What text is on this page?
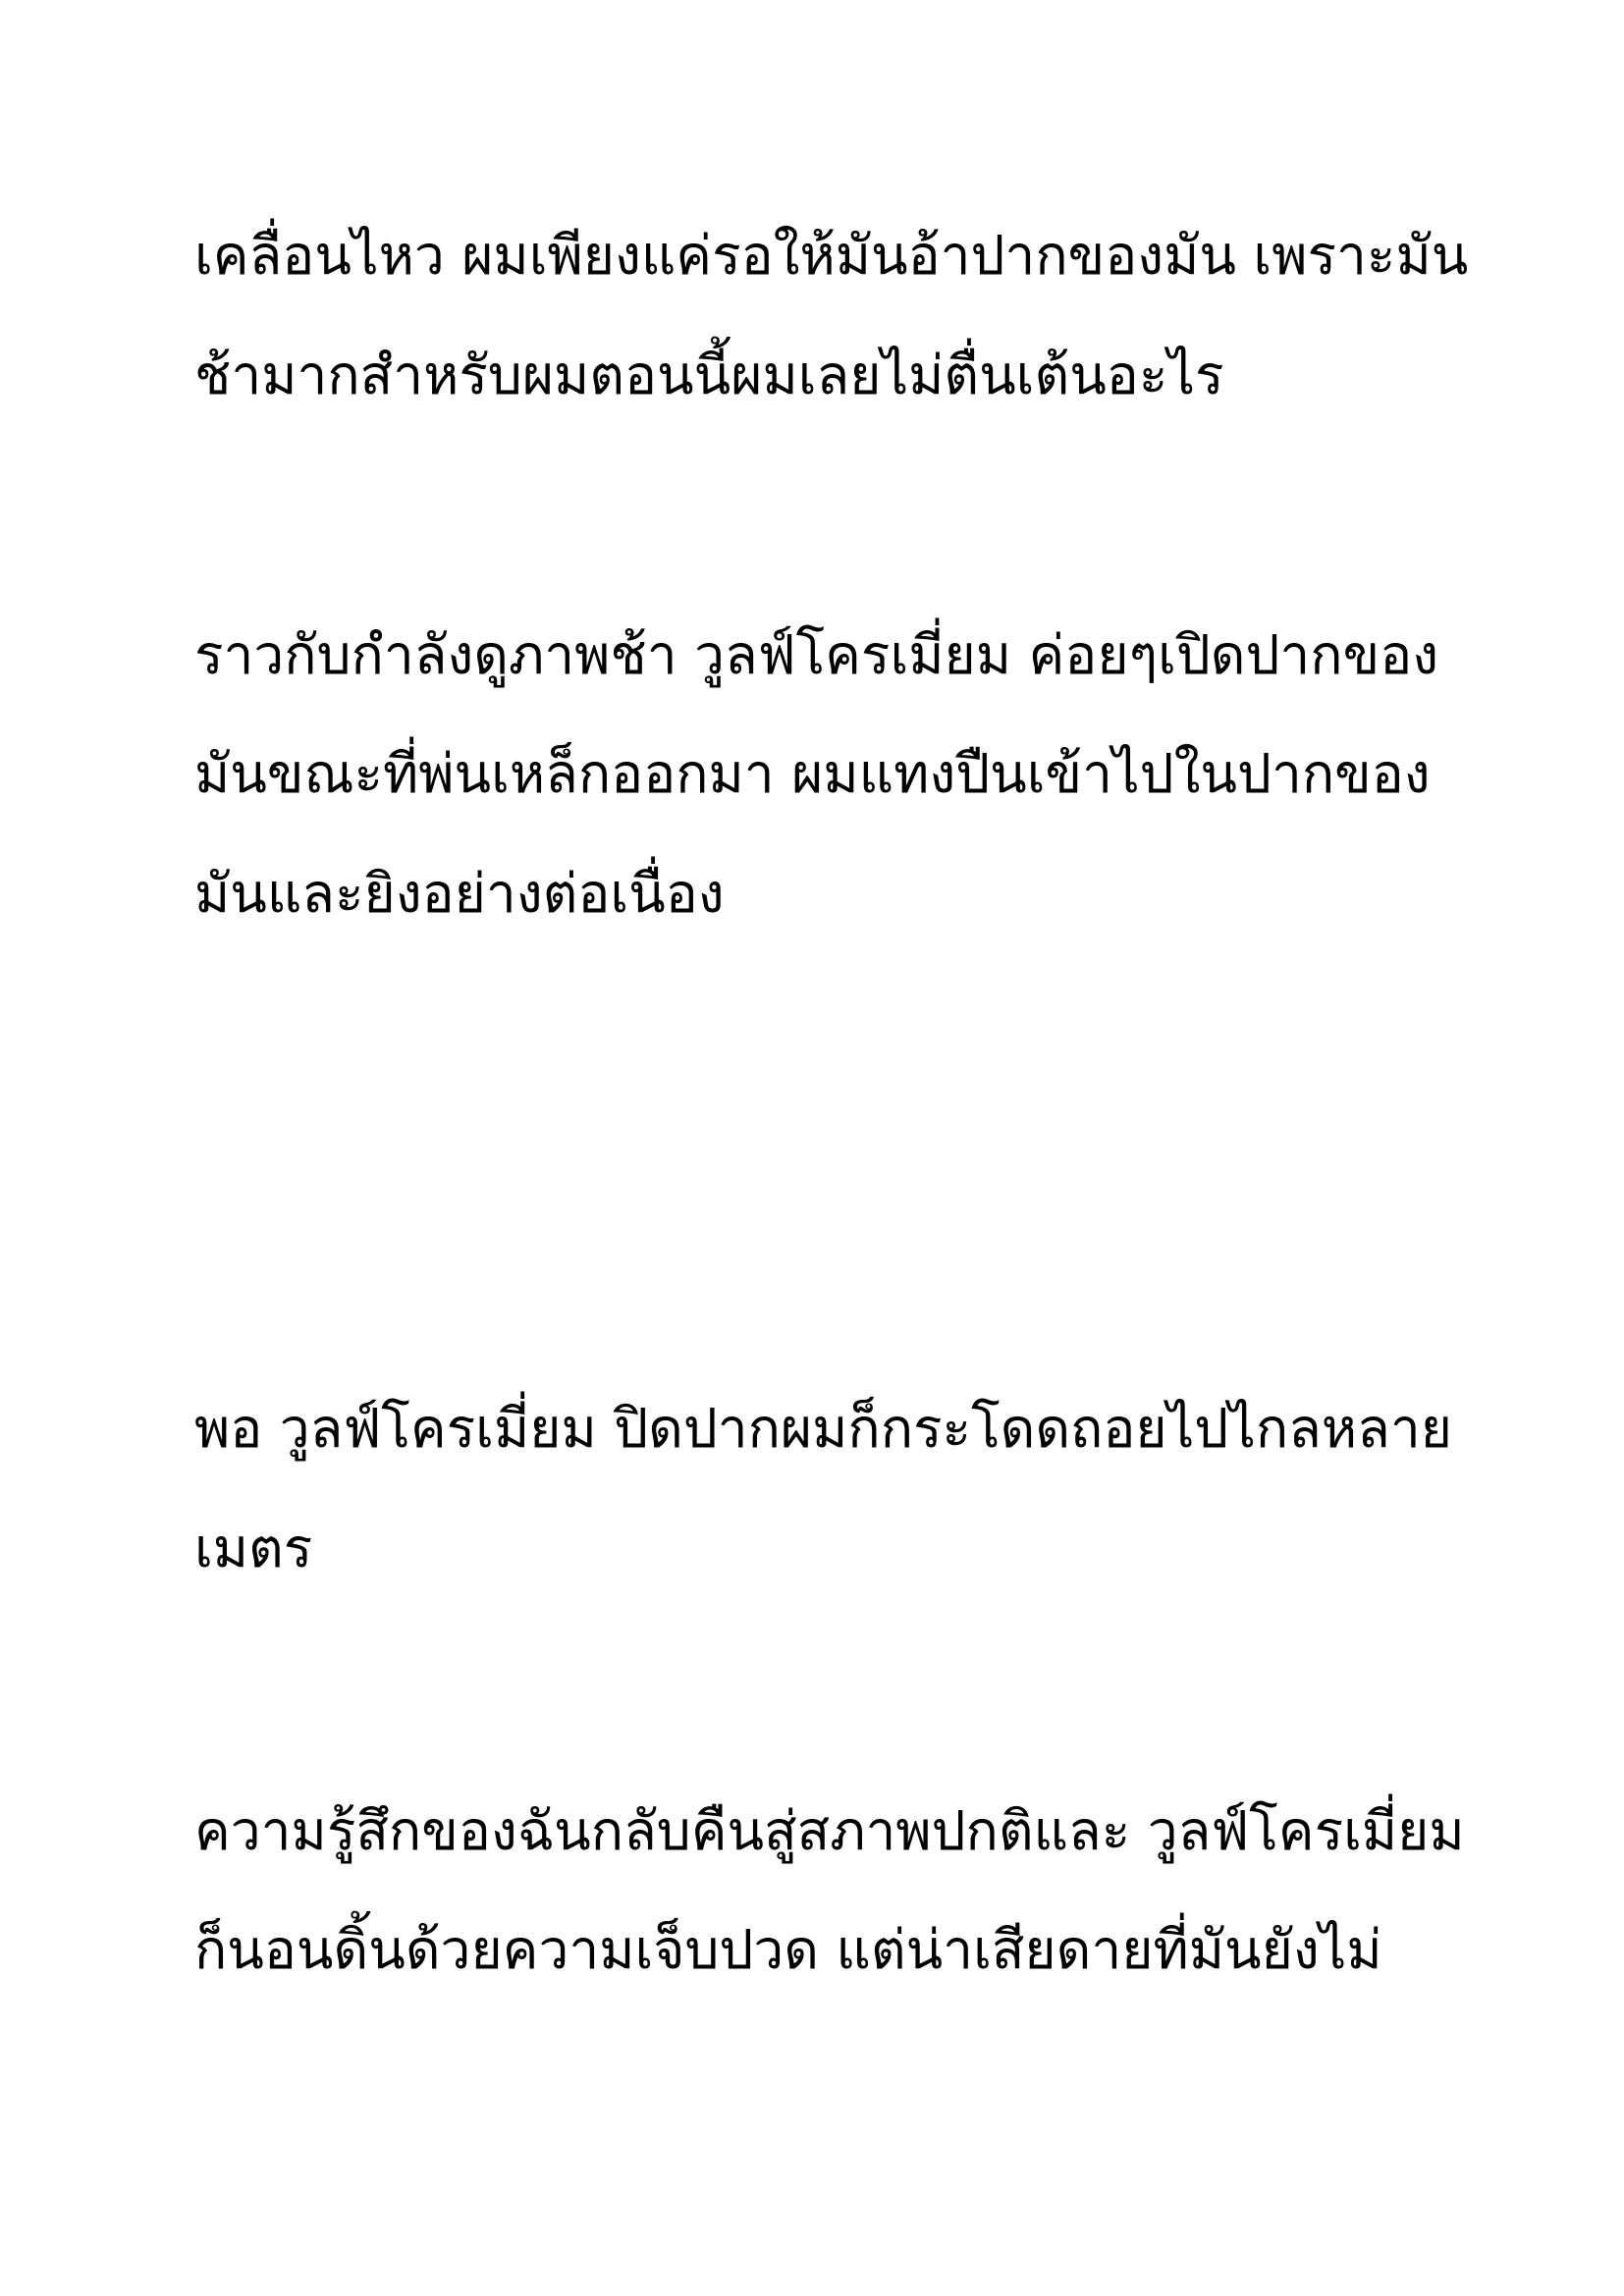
เคลื่อนไหว ผมเพียงแค่รอให้มันอ้าปากของมัน เพราะมัน

ช้ามากสำหรับผมตอนนี้ผมเลยไม่ตื่นเต้นอะไร

ราวกับกำลังดูภาพช้า วูลฟ์โครเมี่ยม ค่อยๆเปิดปากของ

มันขณะที่พ่นเหล็กออกมา ผมแทงปืนเข้าไปในปากของ

มันและยิงอย่างต่อเนื่อง

พอ วูลฟ์โครเมี่ยม ปิดปากผมก็กระโดดถอยไปไกลหลาย

เมตร

ความรู้สึกของฉันกลับคืนสู่สภาพปกติและ วูลฟ์โครเมี่ยม

ก็นอนดิ้นด้วยความเจ็บปวด แต่น่าเสียดายที่มันยังไม่
